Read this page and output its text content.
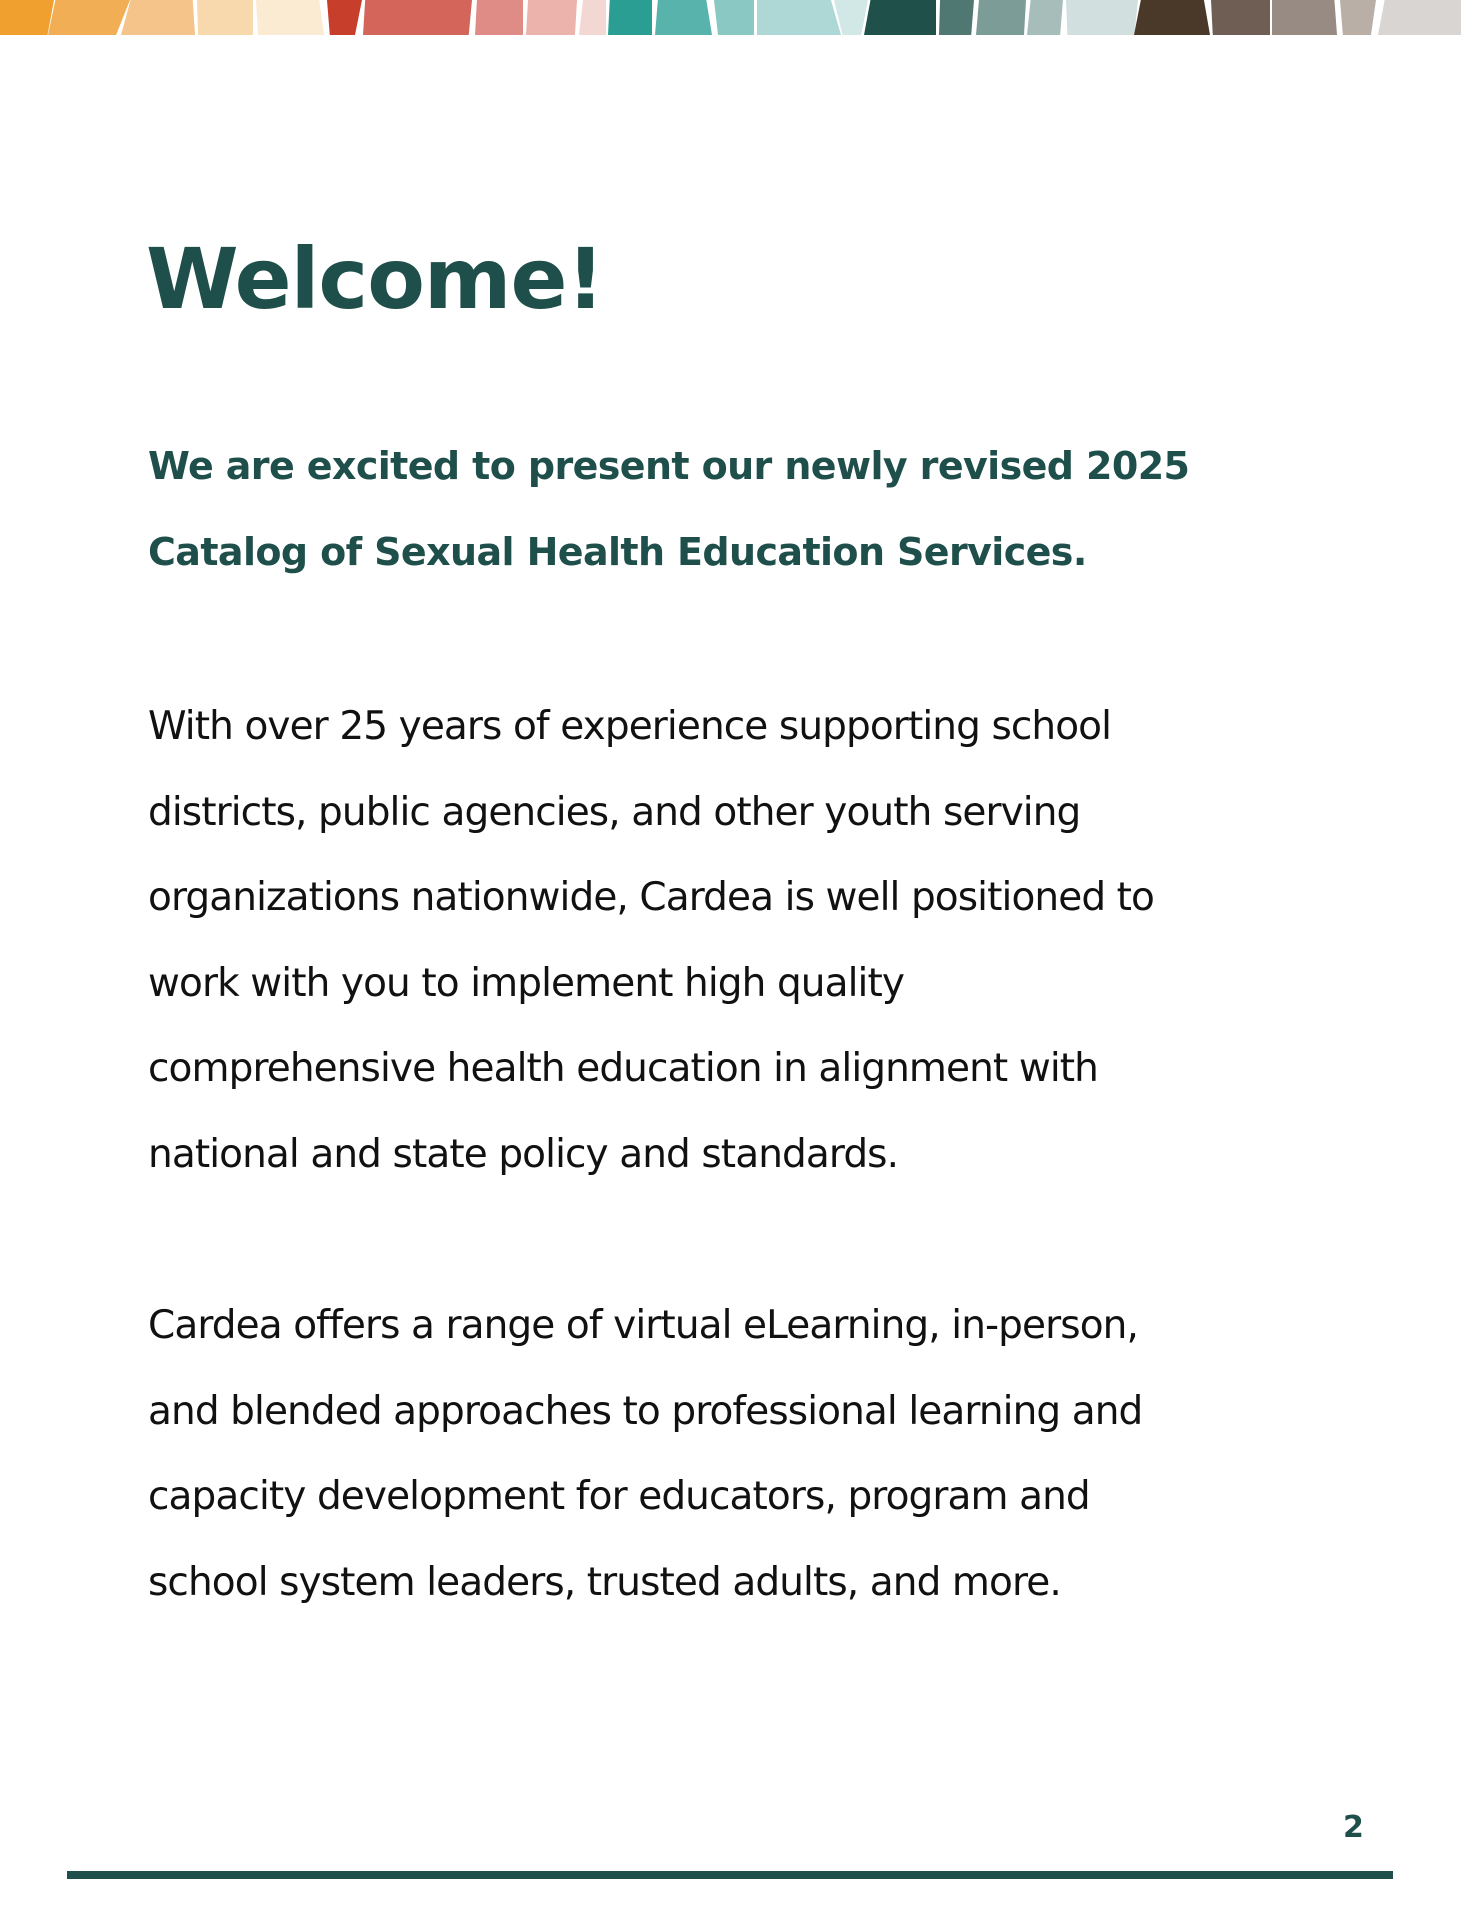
Welcome!

We are excited to present our newly revised 2025
Catalog of Sexual Health Education Services.

With over 25 years of experience supporting school
districts, public agencies, and other youth serving
organizations nationwide, Cardea is well positioned to
work with you to implement high quality
comprehensive health education in alignment with
national and state policy and standards.

Cardea offers a range of virtual eLearning, in-person,
and blended approaches to professional learning and
capacity development for educators, program and
school system leaders, trusted adults, and more.

2
